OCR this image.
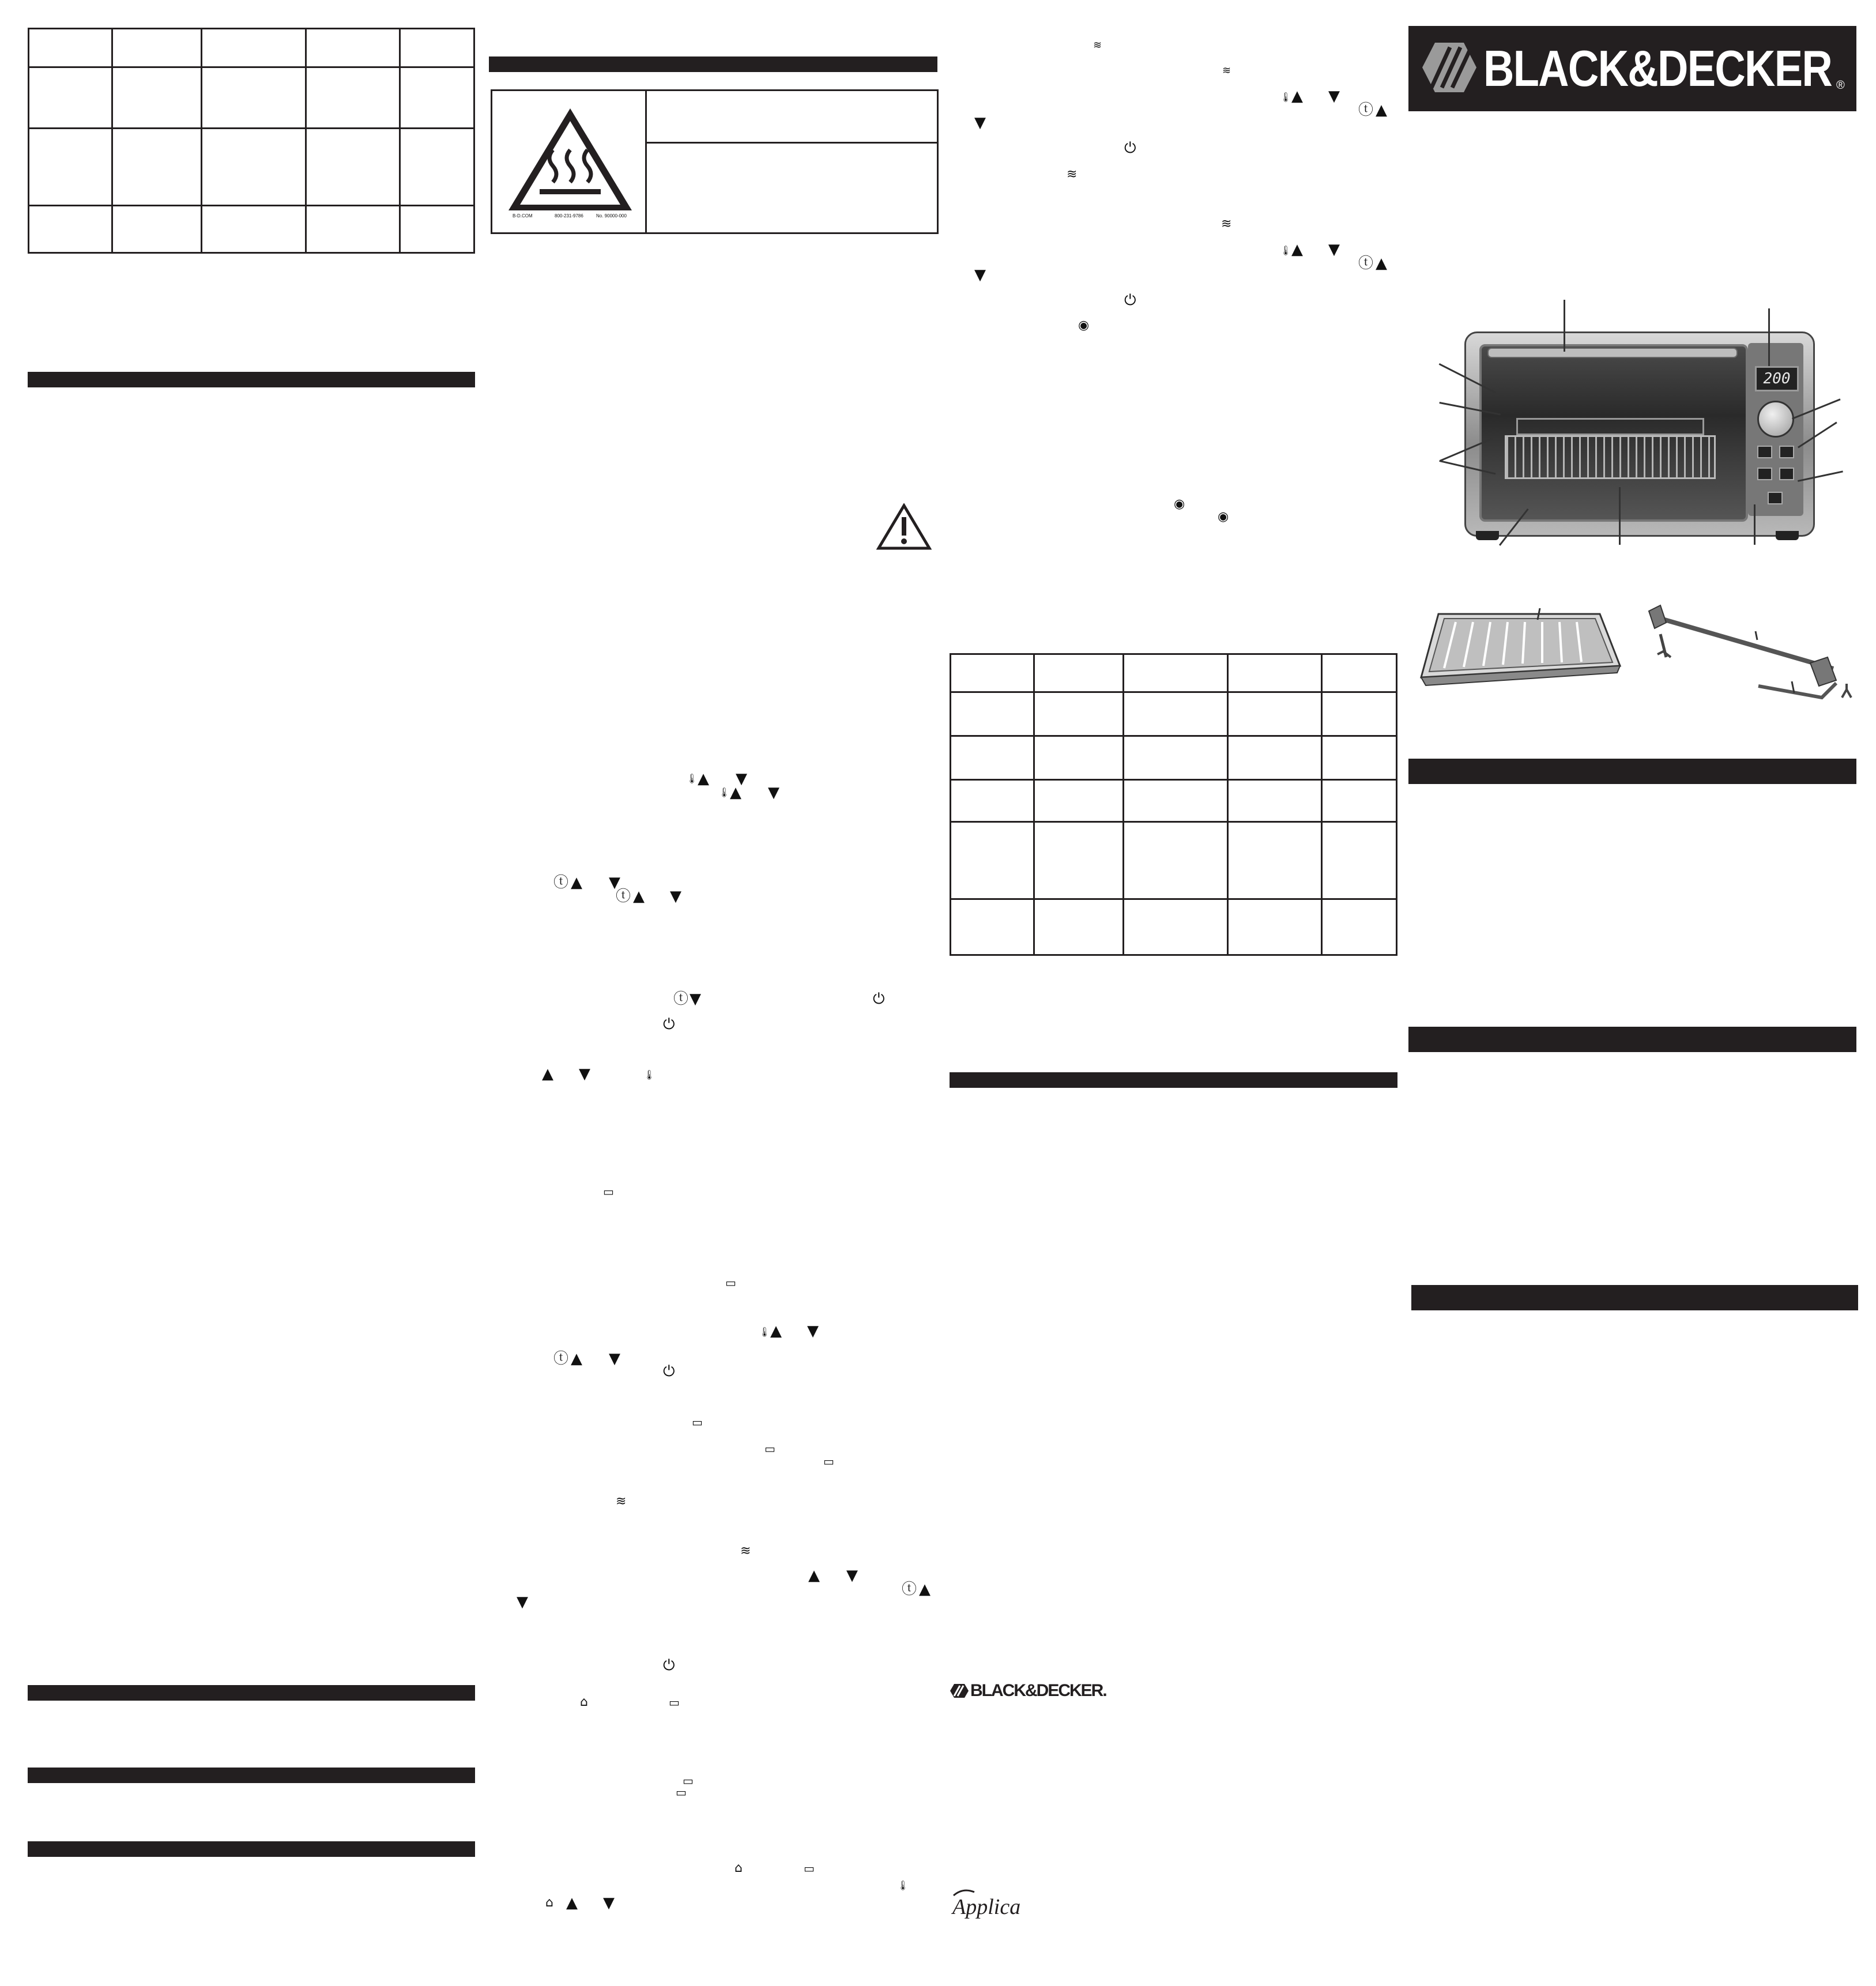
B-D.COM	800-231-9786	No. 90000-000
🌡 ▲ ▼
🌡 ▲ ▼
ⓣ ▲ ▼
ⓣ ▲ ▼
ⓣ ▼	⏻
⏻
▲ ▼	🌡
▭
▭
🌡 ▲ ▼
ⓣ ▲ ▼
⏻
▭
▭
▭
≋
≋
▲ ▼
ⓣ ▲
▼
⏻
⌂	▭
▭
▭
⌂	▭
🌡
⌂ ▲ ▼
≋
≋
🌡 ▲ ▼
ⓣ ▲
▼
⏻
≋
≋
🌡 ▲ ▼
ⓣ ▲
▼
⏻
◉
◉
◉

BLACK&DECKER.
Applica
BLACK&DECKER ®
200
